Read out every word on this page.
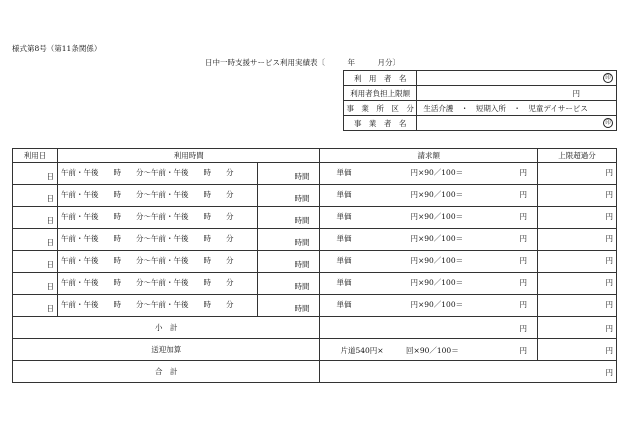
様式第8号（第11条関係）
日中一時支援サービス利用実績表〔　　　年　　　月分〕
利　用　者　名	印

利用者負担上限額	円
事　業　所　区　分	生活介護　・　短期入所　・　児童デイサービス
事　業　者　名	印
利用日	利用時間		請求額	上限超過分

日	午前・午後　　時　　分〜午前・午後　　時　　分	時間	単価 円×90／100＝ 円	円

日	午前・午後　　時　　分〜午前・午後　　時　　分	時間	単価 円×90／100＝ 円	円

日	午前・午後　　時　　分〜午前・午後　　時　　分	時間	単価 円×90／100＝ 円	円

日	午前・午後　　時　　分〜午前・午後　　時　　分	時間	単価 円×90／100＝ 円	円

日	午前・午後　　時　　分〜午前・午後　　時　　分	時間	単価 円×90／100＝ 円	円

日	午前・午後　　時　　分〜午前・午後　　時　　分	時間	単価 円×90／100＝ 円	円

日	午前・午後　　時　　分〜午前・午後　　時　　分	時間	単価 円×90／100＝ 円	円

小　計			円	円

送迎加算			片道540円×　　　回×90／100＝ 円	円

合　計			円	
